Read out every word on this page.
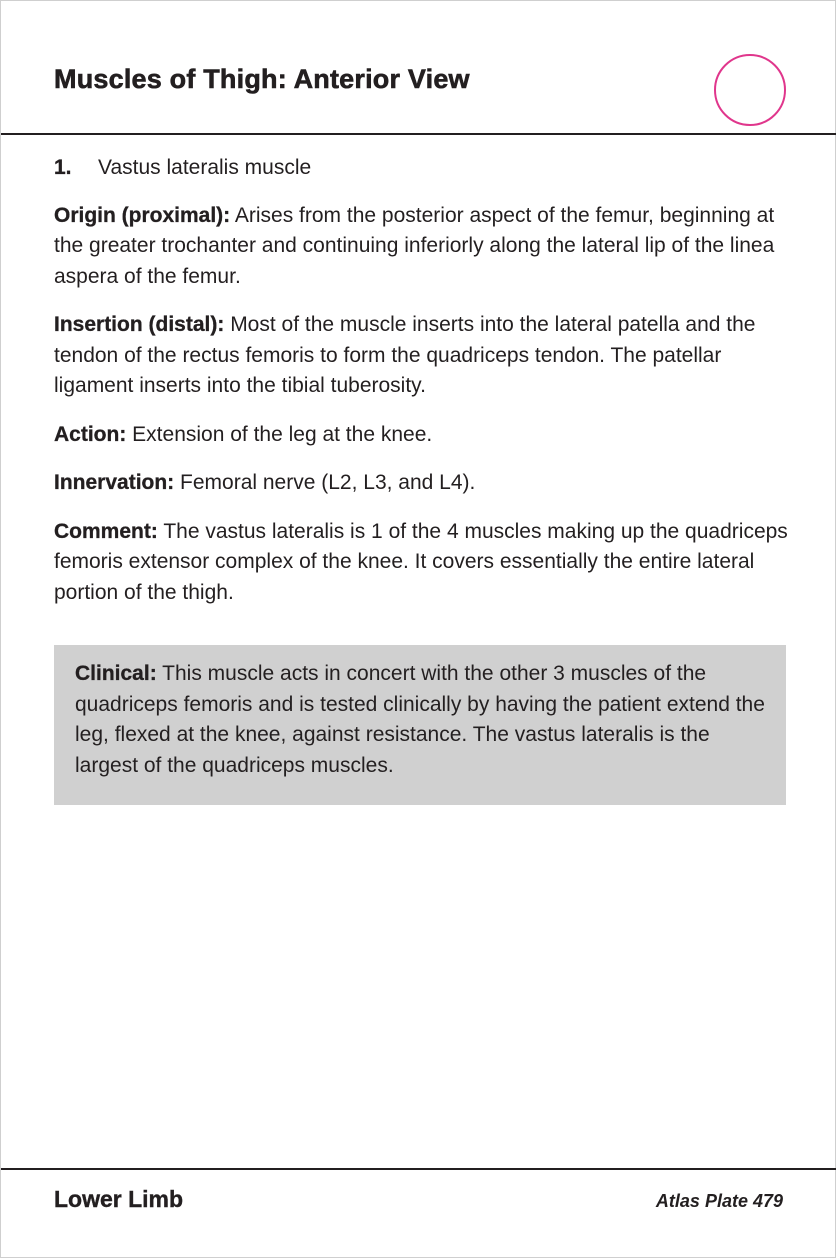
Muscles of Thigh: Anterior View

1. Vastus lateralis muscle

Origin (proximal): Arises from the posterior aspect of the femur, beginning at the greater trochanter and continuing inferiorly along the lateral lip of the linea aspera of the femur.

Insertion (distal): Most of the muscle inserts into the lateral patella and the tendon of the rectus femoris to form the quadriceps tendon. The patellar ligament inserts into the tibial tuberosity.

Action: Extension of the leg at the knee.

Innervation: Femoral nerve (L2, L3, and L4).

Comment: The vastus lateralis is 1 of the 4 muscles making up the quadriceps femoris extensor complex of the knee. It covers essentially the entire lateral portion of the thigh.

Clinical: This muscle acts in concert with the other 3 muscles of the quadriceps femoris and is tested clinically by having the patient extend the leg, flexed at the knee, against resistance. The vastus lateralis is the largest of the quadriceps muscles.
Lower Limb	Atlas Plate 479
